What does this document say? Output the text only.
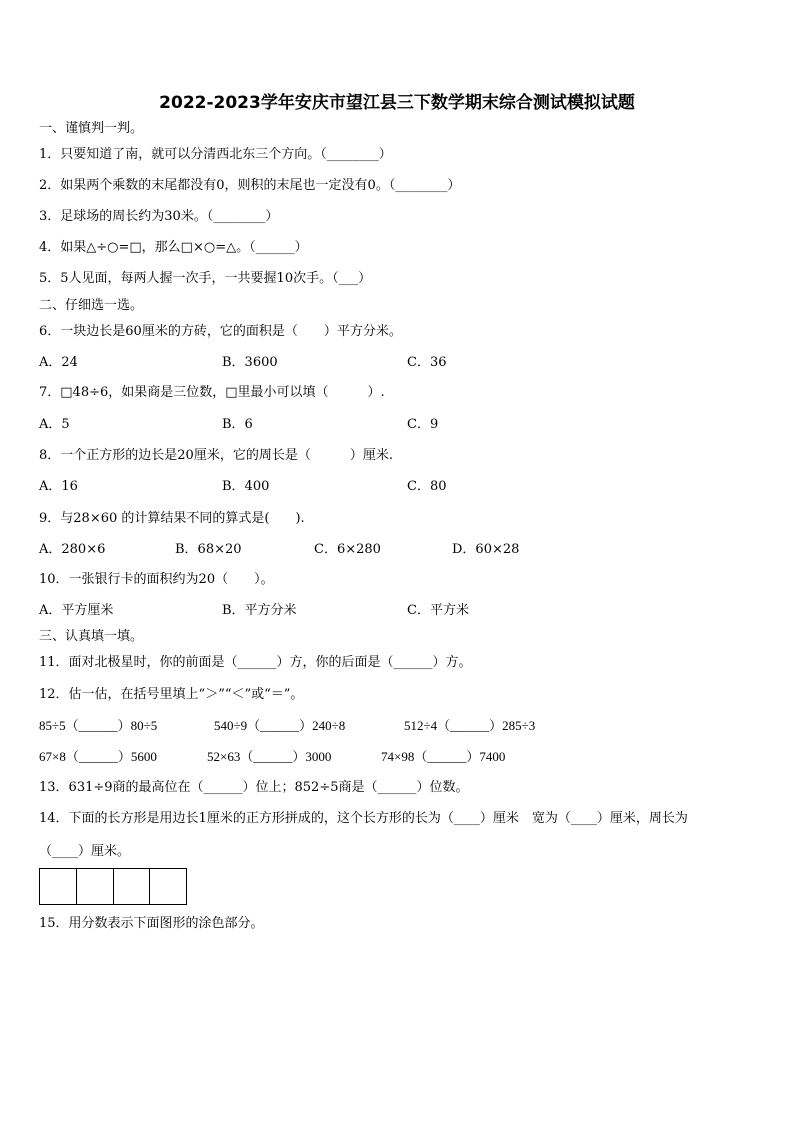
2022-2023学年安庆市望江县三下数学期末综合测试模拟试题
一、谨慎判一判。
1．只要知道了南，就可以分清西北东三个方向。（________）
2．如果两个乘数的末尾都没有0，则积的末尾也一定没有0。（________）
3．足球场的周长约为30米。（________）
4．如果△÷○=□，那么□×○=△。（______）
5．5人见面，每两人握一次手，一共要握10次手。（___）
二、仔细选一选。
6．一块边长是60厘米的方砖，它的面积是（　　）平方分米。
A．24	B．3600	C．36
7．□48÷6，如果商是三位数，□里最小可以填（　　　）.
A．5	B．6	C．9
8．一个正方形的边长是20厘米，它的周长是（　　　）厘米.
A．16	B．400	C．80
9．与28×60 的计算结果不同的算式是(　　).
A．280×6	B．68×20	C．6×280	D．60×28
10．一张银行卡的面积约为20（　　）。
A．平方厘米	B．平方分米	C．平方米
三、认真填一填。
11．面对北极星时，你的前面是（______）方，你的后面是（______）方。
12．估一估，在括号里填上“＞”“＜”或“＝”。
85÷5（______）80÷5	540÷9（______）240÷8	512÷4（______）285÷3
67×8（______）5600	52×63（______）3000	74×98（______）7400
13．631÷9商的最高位在（______）位上；852÷5商是（______）位数。
14．下面的长方形是用边长1厘米的正方形拼成的，这个长方形的长为（____）厘米　宽为（____）厘米，周长为
（____）厘米。
15．用分数表示下面图形的涂色部分。
